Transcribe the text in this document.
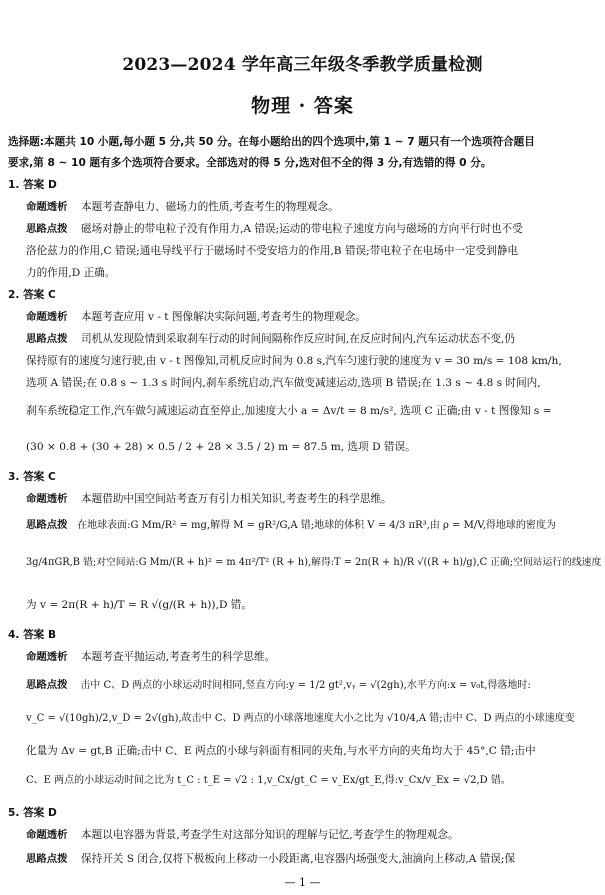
2023—2024 学年高三年级冬季教学质量检测
物理 · 答案
选择题:本题共 10 小题,每小题 5 分,共 50 分。在每小题给出的四个选项中,第 1 ~ 7 题只有一个选项符合题目
要求,第 8 ~ 10 题有多个选项符合要求。全部选对的得 5 分,选对但不全的得 3 分,有选错的得 0 分。
1. 答案 D
命题透析 本题考查静电力、磁场力的性质,考查考生的物理观念。
思路点拨 磁场对静止的带电粒子没有作用力,A 错误;运动的带电粒子速度方向与磁场的方向平行时也不受
洛伦兹力的作用,C 错误;通电导线平行于磁场时不受安培力的作用,B 错误;带电粒子在电场中一定受到静电
力的作用,D 正确。
2. 答案 C
命题透析 本题考查应用 v - t 图像解决实际问题,考查考生的物理观念。
思路点拨 司机从发现险情到采取刹车行动的时间间隔称作反应时间,在反应时间内,汽车运动状态不变,仍
保持原有的速度匀速行驶,由 v - t 图像知,司机反应时间为 0.8 s,汽车匀速行驶的速度为 v = 30 m/s = 108 km/h,
选项 A 错误;在 0.8 s ~ 1.3 s 时间内,刹车系统启动,汽车做变减速运动,选项 B 错误;在 1.3 s ~ 4.8 s 时间内,
刹车系统稳定工作,汽车做匀减速运动直至停止,加速度大小 a = Δv/t = 8 m/s², 选项 C 正确;由 v - t 图像知 s =
(30 × 0.8 + (30 + 28) × 0.5 / 2 + 28 × 3.5 / 2) m = 87.5 m, 选项 D 错误。
3. 答案 C
命题透析 本题借助中国空间站考查万有引力相关知识,考查考生的科学思维。
思路点拨 在地球表面:G Mm/R² = mg,解得 M = gR²/G,A 错;地球的体积 V = 4/3 πR³,由 ρ = M/V,得地球的密度为
3g/4πGR,B 错;对空间站:G Mm/(R + h)² = m 4π²/T² (R + h),解得:T = 2π(R + h)/R √((R + h)/g),C 正确;空间站运行的线速度
为 v = 2π(R + h)/T = R √(g/(R + h)),D 错。
4. 答案 B
命题透析 本题考查平抛运动,考查考生的科学思维。
思路点拨 击中 C、D 两点的小球运动时间相同,竖直方向:y = 1/2 gt²,vᵧ = √(2gh),水平方向:x = v₀t,得落地时:
v_C = √(10gh)/2,v_D = 2√(gh),故击中 C、D 两点的小球落地速度大小之比为 √10/4,A 错;击中 C、D 两点的小球速度变
化量为 Δv = gt,B 正确;击中 C、E 两点的小球与斜面有相同的夹角,与水平方向的夹角均大于 45°,C 错;击中
C、E 两点的小球运动时间之比为 t_C : t_E = √2 : 1,v_Cx/gt_C = v_Ex/gt_E,得:v_Cx/v_Ex = √2,D 错。
5. 答案 D
命题透析 本题以电容器为背景,考查学生对这部分知识的理解与记忆,考查学生的物理观念。
思路点拨 保持开关 S 闭合,仅将下极板向上移动一小段距离,电容器内场强变大,油滴向上移动,A 错误;保
— 1 —
